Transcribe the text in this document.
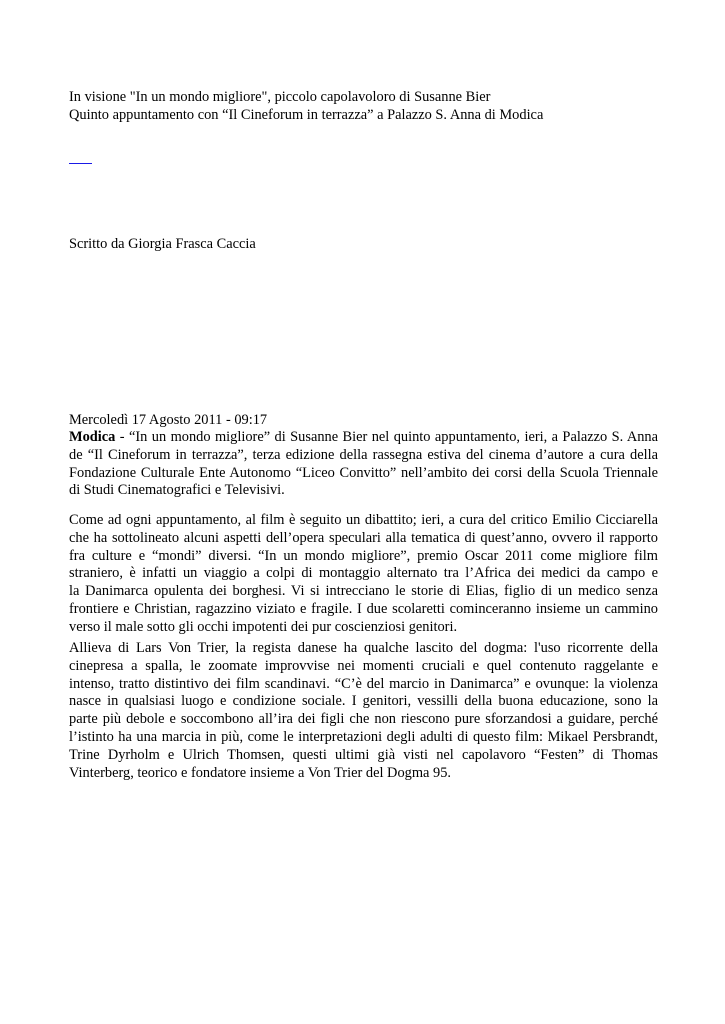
In visione "In un mondo migliore", piccolo capolavoloro di Susanne Bier
Quinto appuntamento con “Il Cineforum in terrazza” a Palazzo S. Anna di Modica
Scritto da Giorgia Frasca Caccia
Mercoledì 17 Agosto 2011 - 09:17
Modica - “In un mondo migliore” di Susanne Bier nel quinto appuntamento, ieri, a Palazzo S. Anna
de “Il Cineforum in terrazza”, terza edizione della rassegna estiva del cinema d’autore a cura della
Fondazione Culturale Ente Autonomo “Liceo Convitto” nell’ambito dei corsi della Scuola Triennale
di Studi Cinematografici e Televisivi.
Come ad ogni appuntamento, al film è seguito un dibattito; ieri, a cura del critico Emilio Cicciarella
che ha sottolineato alcuni aspetti dell’opera speculari alla tematica di quest’anno, ovvero il rapporto
fra culture e “mondi” diversi. “In un mondo migliore”, premio Oscar 2011 come migliore film
straniero, è infatti un viaggio a colpi di montaggio alternato tra l’Africa dei medici da campo e
la Danimarca opulenta dei borghesi. Vi si intrecciano le storie di Elias, figlio di un medico senza
frontiere e Christian, ragazzino viziato e fragile. I due scolaretti cominceranno insieme un cammino
verso il male sotto gli occhi impotenti dei pur coscienziosi genitori.
Allieva di Lars Von Trier, la regista danese ha qualche lascito del dogma: l'uso ricorrente della
cinepresa a spalla, le zoomate improvvise nei momenti cruciali e quel contenuto raggelante e
intenso, tratto distintivo dei film scandinavi. “C’è del marcio in Danimarca” e ovunque: la violenza
nasce in qualsiasi luogo e condizione sociale. I genitori, vessilli della buona educazione, sono la
parte più debole e soccombono all’ira dei figli che non riescono pure sforzandosi a guidare, perché
l’istinto ha una marcia in più, come le interpretazioni degli adulti di questo film: Mikael Persbrandt,
Trine Dyrholm e Ulrich Thomsen, questi ultimi già visti nel capolavoro “Festen” di Thomas
Vinterberg, teorico e fondatore insieme a Von Trier del Dogma 95.
